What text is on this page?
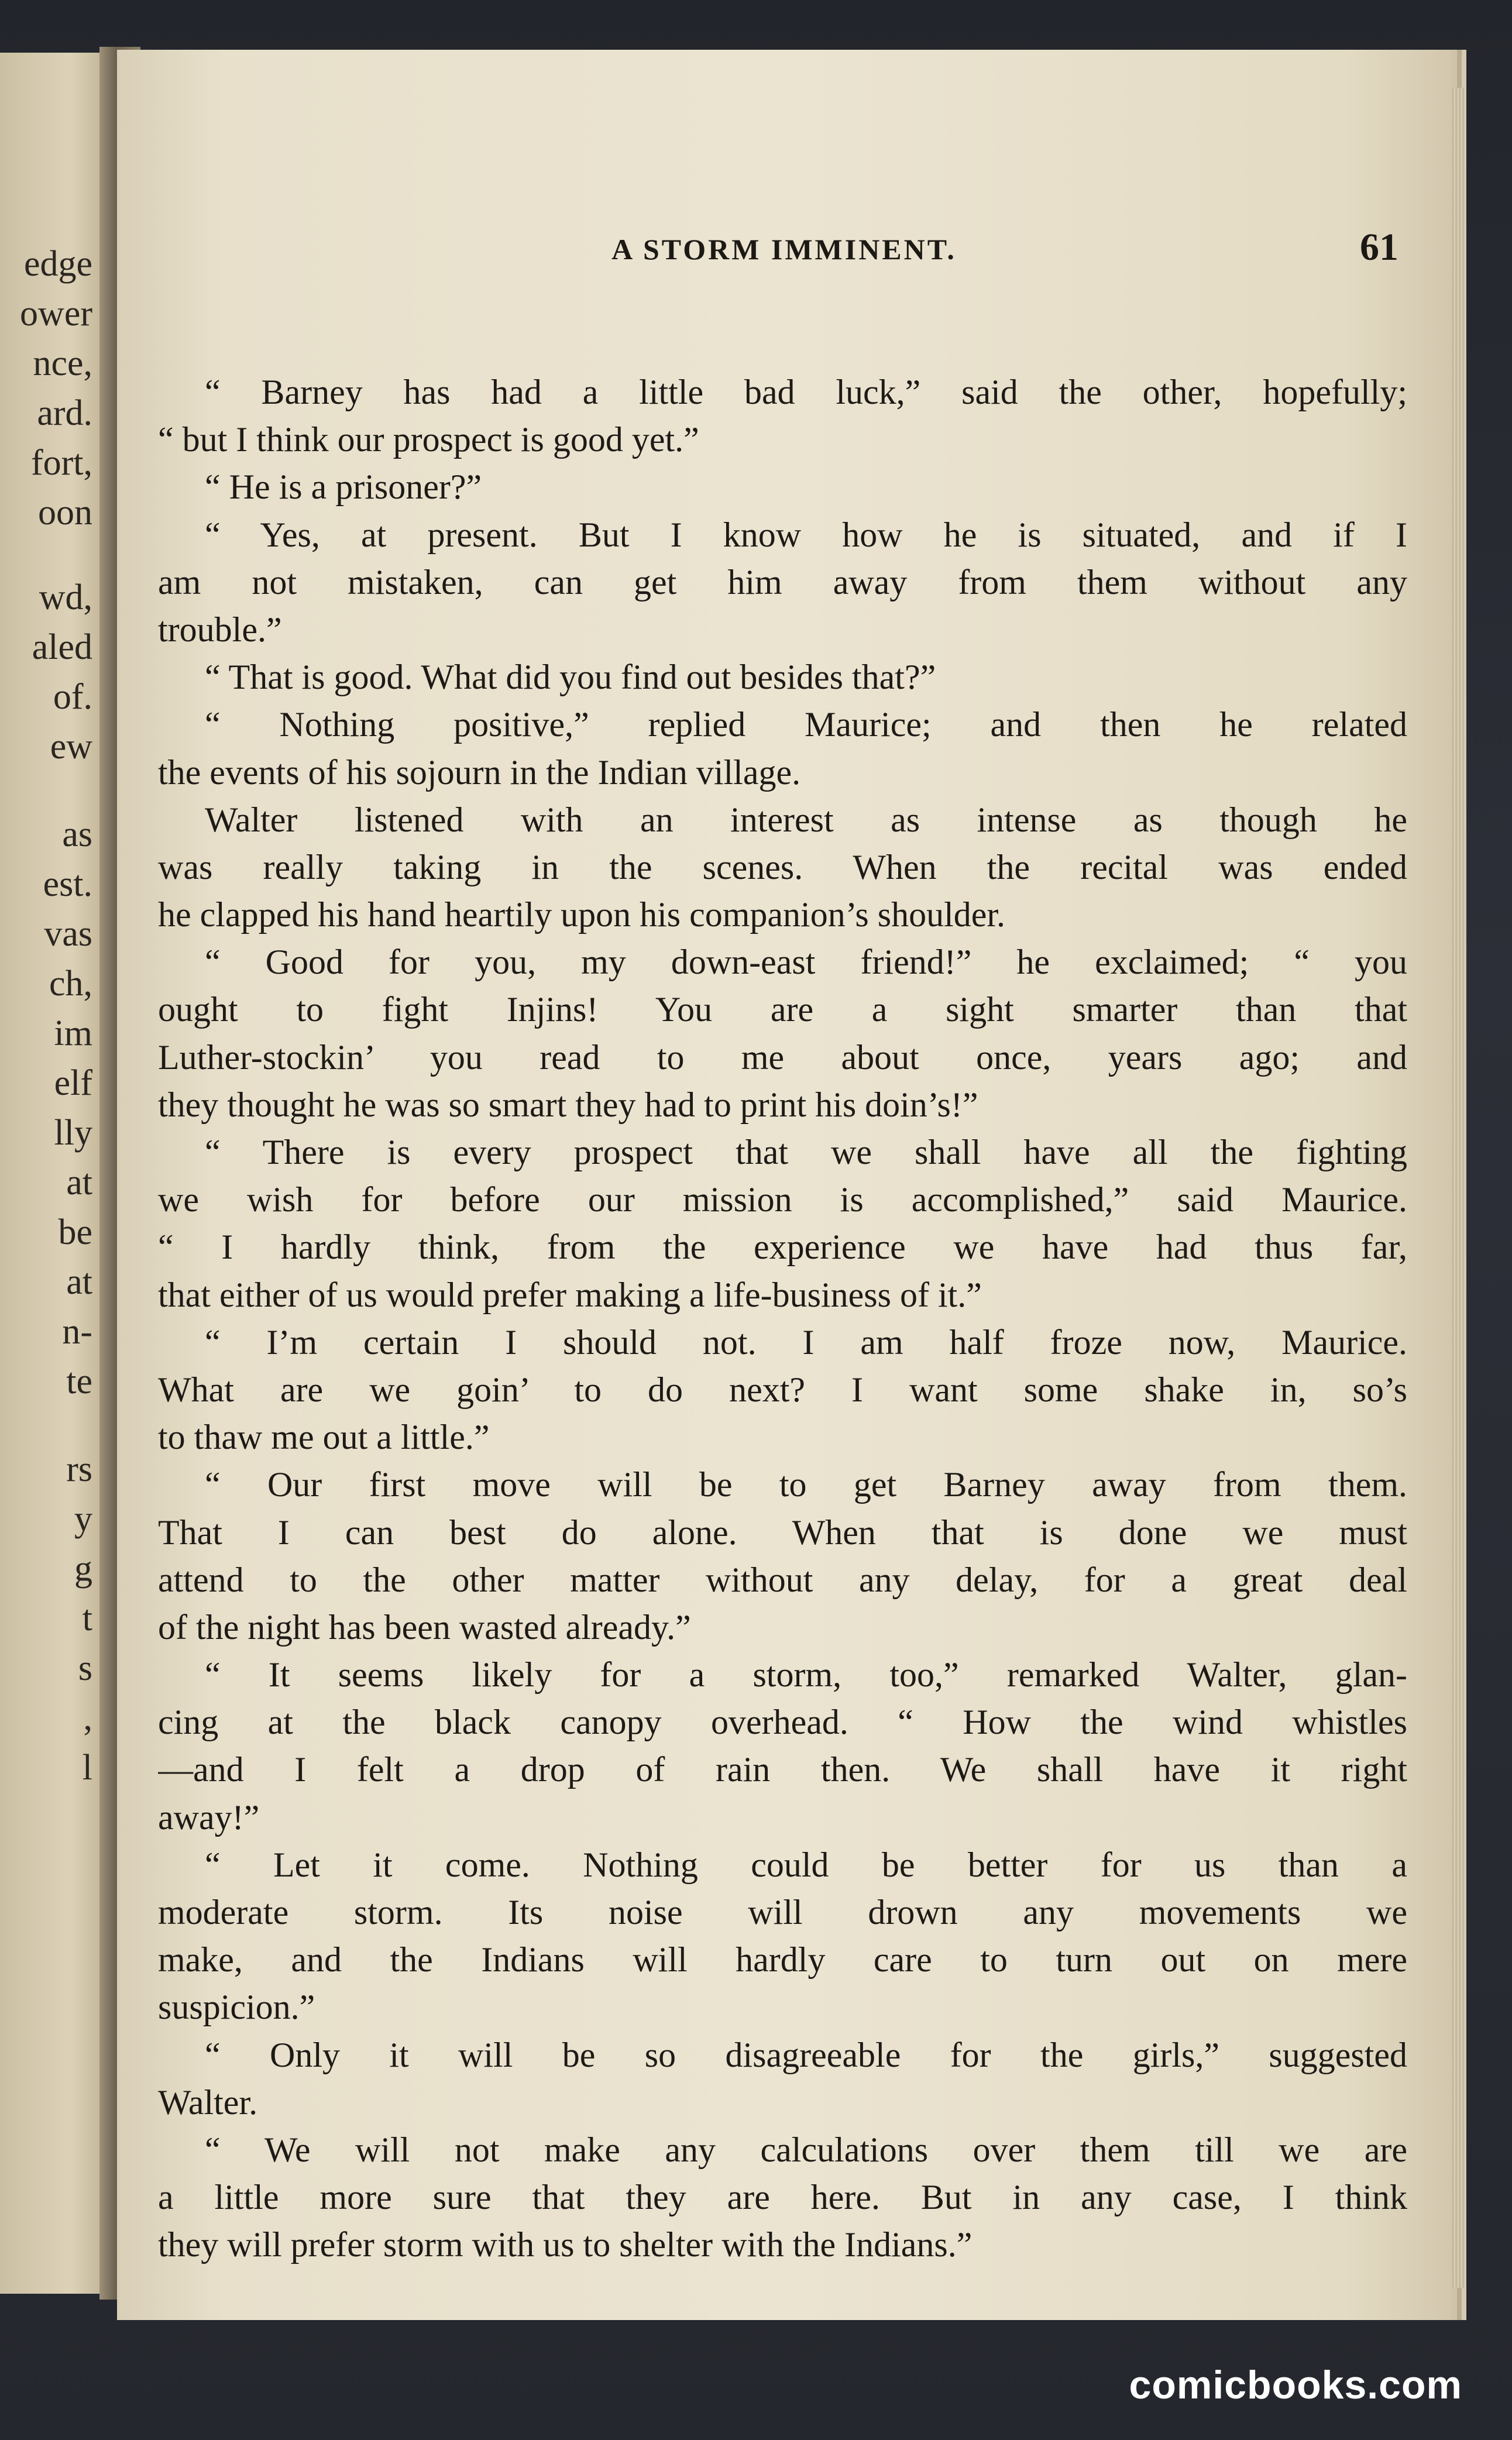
edge
ower
nce,
ard.
fort,
oon
wd,
aled
of.
ew
as
est.
vas
ch,
im
elf
lly
at
be
at
n-
te
rs
y
g
t
s
,
l
A STORM IMMINENT.	61
“ Barney has had a little bad luck,” said the other, hopefully;
“ but I think our prospect is good yet.”
“ He is a prisoner?”
“ Yes, at present. But I know how he is situated, and if I
am not mistaken, can get him away from them without any
trouble.”
“ That is good. What did you find out besides that?”
“ Nothing positive,” replied Maurice; and then he related
the events of his sojourn in the Indian village.
Walter listened with an interest as intense as though he
was really taking in the scenes. When the recital was ended
he clapped his hand heartily upon his companion’s shoulder.
“ Good for you, my down-east friend!” he exclaimed; “ you
ought to fight Injins! You are a sight smarter than that
Luther-stockin’ you read to me about once, years ago; and
they thought he was so smart they had to print his doin’s!”
“ There is every prospect that we shall have all the fighting
we wish for before our mission is accomplished,” said Maurice.
“ I hardly think, from the experience we have had thus far,
that either of us would prefer making a life-business of it.”
“ I’m certain I should not. I am half froze now, Maurice.
What are we goin’ to do next? I want some shake in, so’s
to thaw me out a little.”
“ Our first move will be to get Barney away from them.
That I can best do alone. When that is done we must
attend to the other matter without any delay, for a great deal
of the night has been wasted already.”
“ It seems likely for a storm, too,” remarked Walter, glan-
cing at the black canopy overhead. “ How the wind whistles
—and I felt a drop of rain then. We shall have it right
away!”
“ Let it come. Nothing could be better for us than a
moderate storm. Its noise will drown any movements we
make, and the Indians will hardly care to turn out on mere
suspicion.”
“ Only it will be so disagreeable for the girls,” suggested
Walter.
“ We will not make any calculations over them till we are
a little more sure that they are here. But in any case, I think
they will prefer storm with us to shelter with the Indians.”
comicbooks.com
